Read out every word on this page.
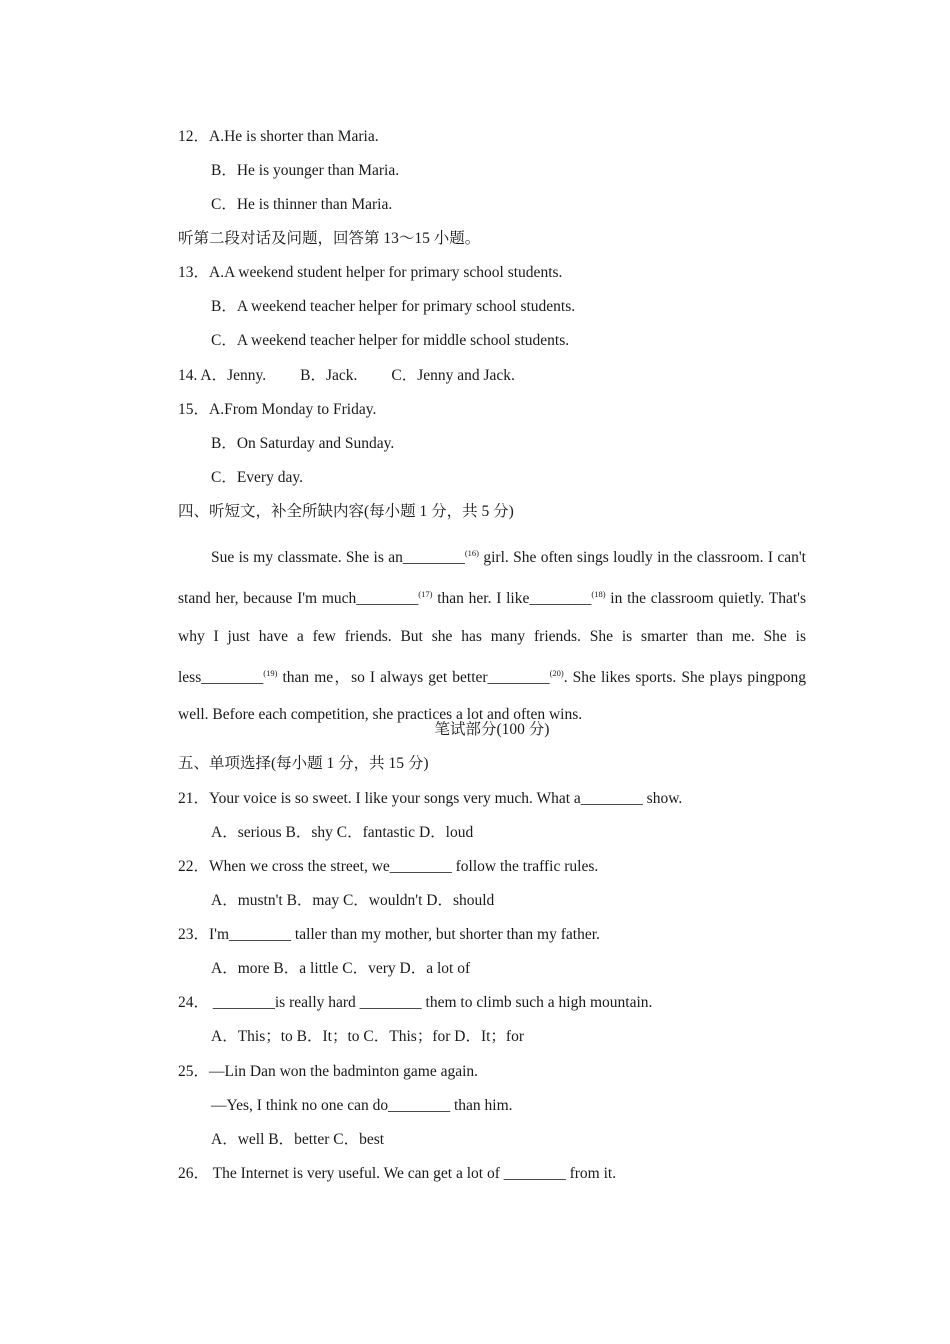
12．A.He is shorter than Maria.
B．He is younger than Maria.
C．He is thinner than Maria.
听第二段对话及问题，回答第 13～15 小题。
13．A.A weekend student helper for primary school students.
B．A weekend teacher helper for primary school students.
C．A weekend teacher helper for middle school students.
14. A．Jenny. B．Jack. C．Jenny and Jack.
15．A.From Monday to Friday.
B．On Saturday and Sunday.
C．Every day.
四、听短文，补全所缺内容(每小题 1 分，共 5 分)
Sue is my classmate. She is an________$^{(16)}$ girl. She often sings loudly in the classroom. I can't stand her, because I'm much________$^{(17)}$ than her. I like________$^{(18)}$ in the classroom quietly. That's why I just have a few friends. But she has many friends. She is smarter than me. She is less________$^{(19)}$ than me，so I always get better________$^{(20)}$. She likes sports. She plays pingpong well. Before each competition, she practices a lot and often wins.
笔试部分(100 分)
五、单项选择(每小题 1 分，共 15 分)
21．Your voice is so sweet. I like your songs very much. What a________ show.
A．serious B．shy C．fantastic D．loud
22．When we cross the street, we________ follow the traffic rules.
A．mustn't B．may C．wouldn't D．should
23．I'm________ taller than my mother, but shorter than my father.
A．more B．a little C．very D．a lot of
24． ________is really hard ________ them to climb such a high mountain.
A．This；to B．It；to C．This；for D．It；for
25．—Lin Dan won the badminton game again.
—Yes, I think no one can do________ than him.
A．well B．better C．best
26． The Internet is very useful. We can get a lot of ________ from it.
